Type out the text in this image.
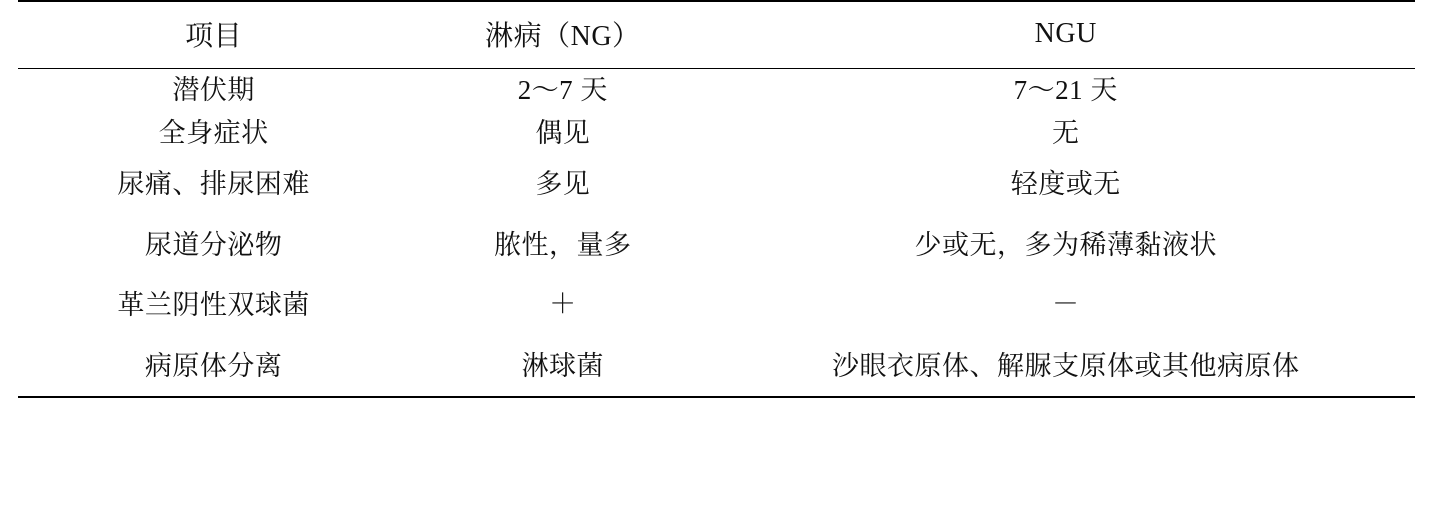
项目	淋病（NG）	NGU
潜伏期	2～7 天	7～21 天
全身症状	偶见	无
尿痛、排尿困难	多见	轻度或无
尿道分泌物	脓性，量多	少或无，多为稀薄黏液状
革兰阴性双球菌	＋	－
病原体分离	淋球菌	沙眼衣原体、解脲支原体或其他病原体
